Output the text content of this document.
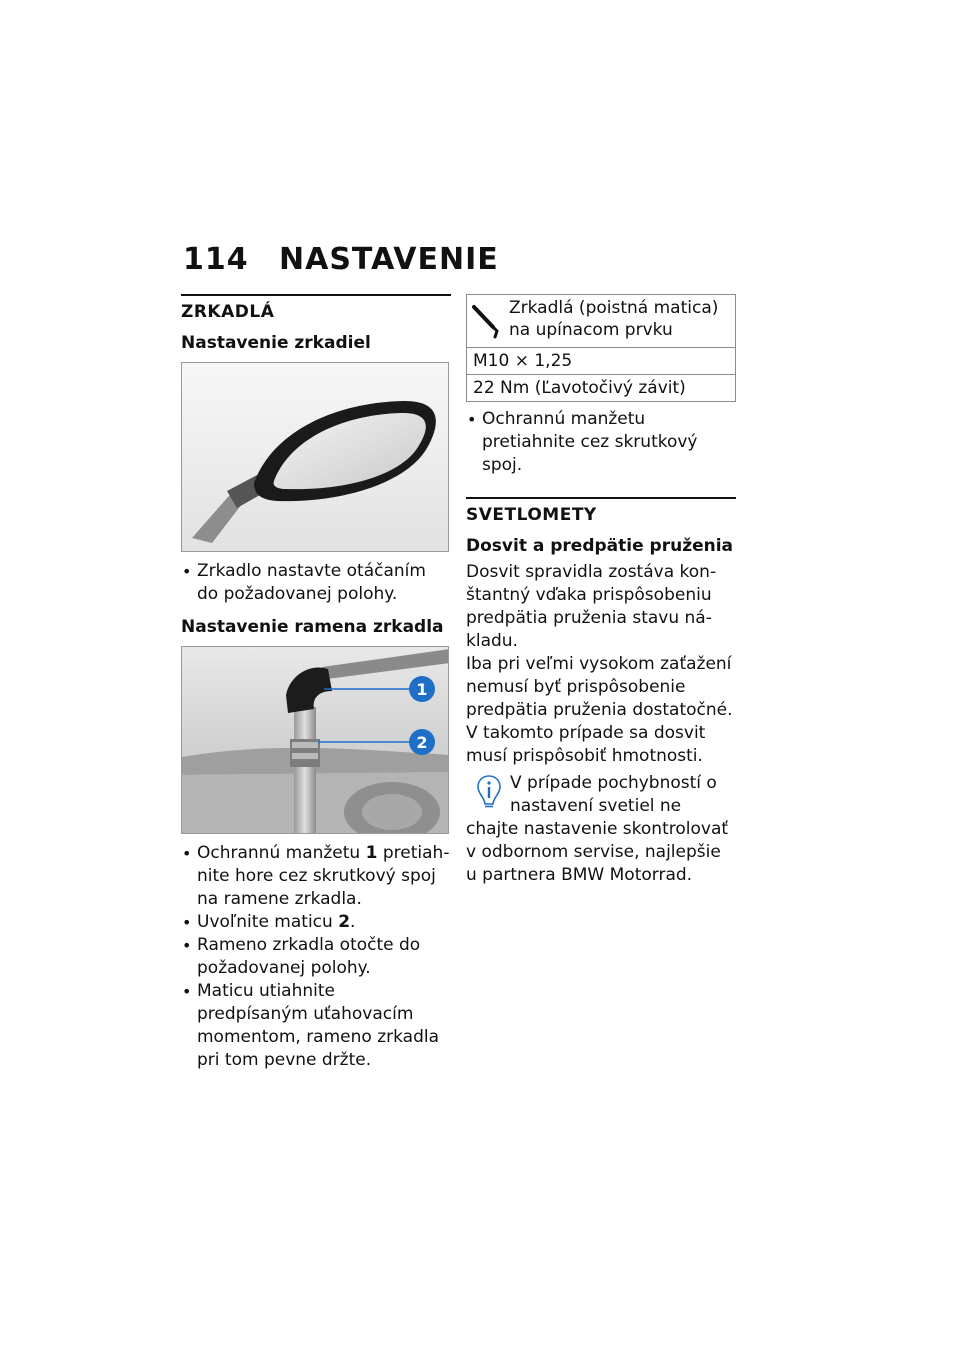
114 NASTAVENIE
ZRKADLÁ
Nastavenie zrkadiel
• Zrkadlo nastavte otáčaním do požadovanej polohy.
Nastavenie ramena zrkadla
1
2
• Ochrannú manžetu 1 pretiahnite hore cez skrutkový spoj na ramene zrkadla.
• Uvoľnite maticu 2.
• Rameno zrkadla otočte do požadovanej polohy.
• Maticu utiahnite predpísaným uťahovacím momentom, rameno zrkadla pri tom pevne držte.
	Zrkadlá (poistná matica) na upínacom prvku
M10 × 1,25
22 Nm (Ľavotočivý závit)
• Ochrannú manžetu pretiahnite cez skrutkový spoj.
SVETLOMETY
Dosvit a predpätie pruženia

Dosvit spravidla zostáva konštantný vďaka prispôsobeniu predpätia pruženia stavu nákladu.

Iba pri veľmi vysokom zaťažení nemusí byť prispôsobenie predpätia pruženia dostatočné. V takomto prípade sa dosvit musí prispôsobiť hmotnosti.

V prípade pochybností o nastavení svetiel ne

chajte nastavenie skontrolovať v odbornom servise, najlepšie u partnera BMW Motorrad.
